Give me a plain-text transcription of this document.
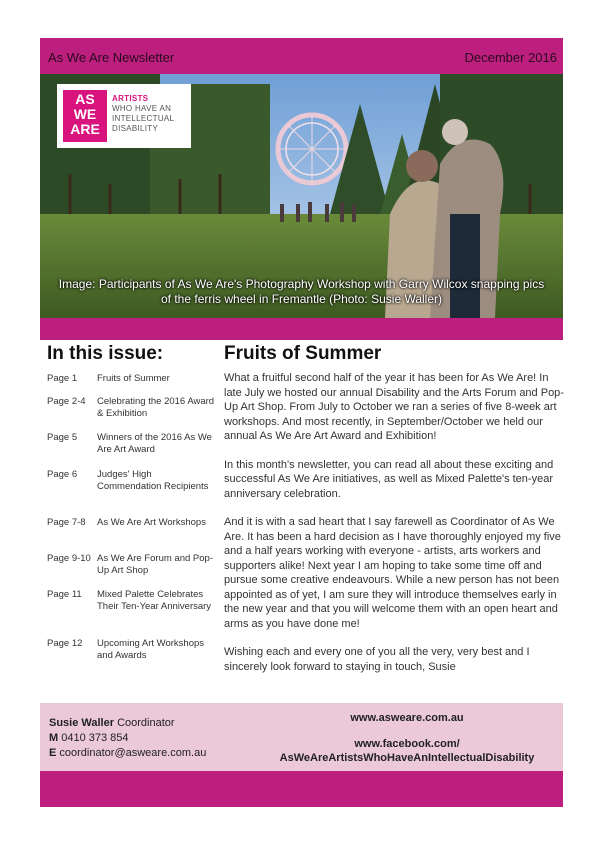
As We Are Newsletter	December 2016
AS
WE
ARE
ARTISTS
WHO HAVE AN
INTELLECTUAL
DISABILITY
Image: Participants of As We Are's Photography Workshop with Garry Wilcox snapping pics
of the ferris wheel in Fremantle (Photo: Susie Waller)
In this issue:
Page 1	Fruits of Summer
Page 2-4	Celebrating the 2016 Award & Exhibition
Page 5	Winners of the 2016 As We Are Art Award
Page 6	Judges' High Commendation Recipients
Page 7-8	As We Are Art Workshops
Page 9-10 As We Are Forum and Pop-Up Art Shop
Page 11	Mixed Palette Celebrates Their Ten-Year Anniversary
Page 12	Upcoming Art Workshops and Awards
Fruits of Summer

What a fruitful second half of the year it has been for As We Are! In late July we hosted our annual Disability and the Arts Forum and Pop-Up Art Shop. From July to October we ran a series of five 8-week art workshops. And most recently, in September/October we held our annual As We Are Art Award and Exhibition!

In this month's newsletter, you can read all about these exciting and successful As We Are initiatives, as well as Mixed Palette's ten-year anniversary celebration.

And it is with a sad heart that I say farewell as Coordinator of As We Are. It has been a hard decision as I have thoroughly enjoyed my five and a half years working with everyone - artists, arts workers and supporters alike! Next year I am hoping to take some time off and pursue some creative endeavours. While a new person has not been appointed as of yet, I am sure they will introduce themselves early in the new year and that you will welcome them with an open heart and arms as you have done me!

Wishing each and every one of you all the very, very best and I sincerely look forward to staying in touch, Susie

Susie Waller Coordinator
M 0410 373 854
E coordinator@asweare.com.au
www.asweare.com.au
www.facebook.com/
AsWeAreArtistsWhoHaveAnIntellectualDisability
